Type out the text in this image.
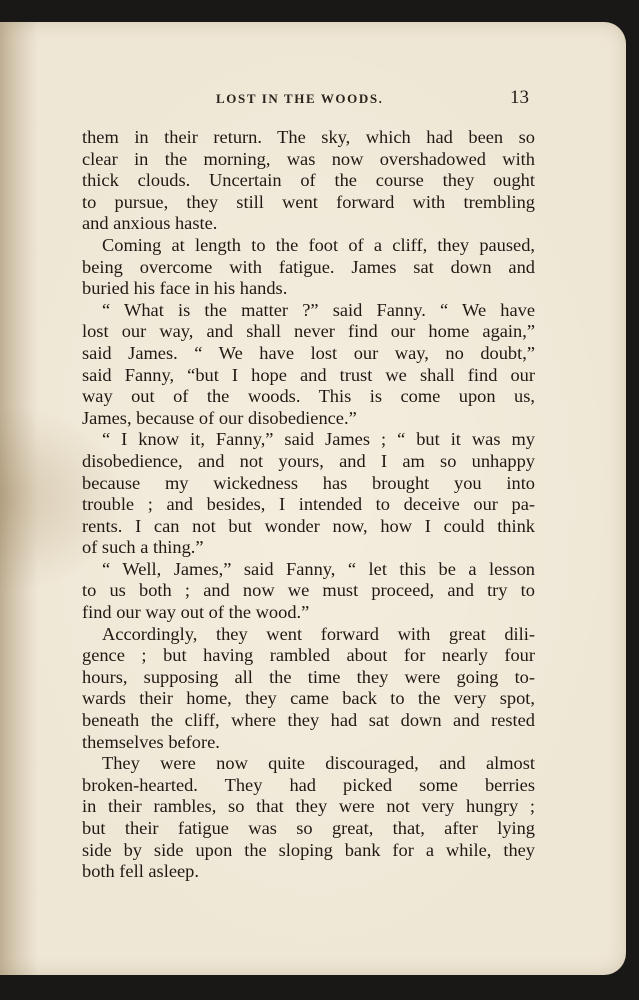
LOST IN THE WOODS.	13
them in their return. The sky, which had been so
clear in the morning, was now overshadowed with
thick clouds. Uncertain of the course they ought
to pursue, they still went forward with trembling
and anxious haste.
Coming at length to the foot of a cliff, they paused,
being overcome with fatigue. James sat down and
buried his face in his hands.
“ What is the matter ?” said Fanny. “ We have
lost our way, and shall never find our home again,”
said James. “ We have lost our way, no doubt,”
said Fanny, “but I hope and trust we shall find our
way out of the woods. This is come upon us,
James, because of our disobedience.”
“ I know it, Fanny,” said James ; “ but it was my
disobedience, and not yours, and I am so unhappy
because my wickedness has brought you into
trouble ; and besides, I intended to deceive our pa-
rents. I can not but wonder now, how I could think
of such a thing.”
“ Well, James,” said Fanny, “ let this be a lesson
to us both ; and now we must proceed, and try to
find our way out of the wood.”
Accordingly, they went forward with great dili-
gence ; but having rambled about for nearly four
hours, supposing all the time they were going to-
wards their home, they came back to the very spot,
beneath the cliff, where they had sat down and rested
themselves before.
They were now quite discouraged, and almost
broken-hearted. They had picked some berries
in their rambles, so that they were not very hungry ;
but their fatigue was so great, that, after lying
side by side upon the sloping bank for a while, they
both fell asleep.
